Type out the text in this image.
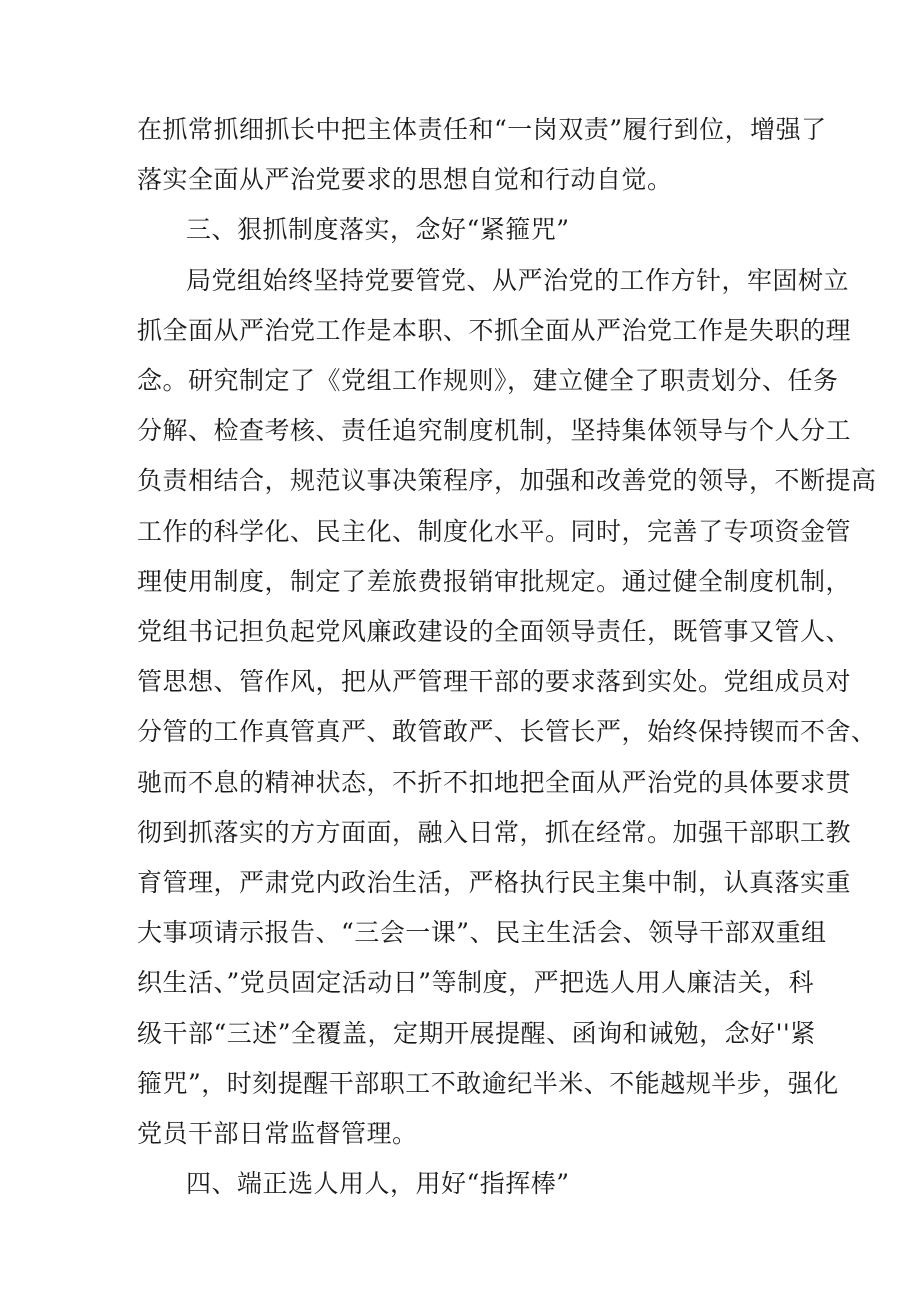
在抓常抓细抓长中把主体责任和“一岗双责”履行到位，增强了
落实全面从严治党要求的思想自觉和行动自觉。
三、狠抓制度落实，念好“紧箍咒”
局党组始终坚持党要管党、从严治党的工作方针，牢固树立
抓全面从严治党工作是本职、不抓全面从严治党工作是失职的理
念。研究制定了《党组工作规则》，建立健全了职责划分、任务
分解、检查考核、责任追究制度机制，坚持集体领导与个人分工
负责相结合，规范议事决策程序，加强和改善党的领导，不断提高
工作的科学化、民主化、制度化水平。同时，完善了专项资金管
理使用制度，制定了差旅费报销审批规定。通过健全制度机制，
党组书记担负起党风廉政建设的全面领导责任，既管事又管人、
管思想、管作风，把从严管理干部的要求落到实处。党组成员对
分管的工作真管真严、敢管敢严、长管长严，始终保持锲而不舍、
驰而不息的精神状态，不折不扣地把全面从严治党的具体要求贯
彻到抓落实的方方面面，融入日常，抓在经常。加强干部职工教
育管理，严肃党内政治生活，严格执行民主集中制，认真落实重
大事项请示报告、“三会一课”、民主生活会、领导干部双重组
织生活、”党员固定活动日”等制度，严把选人用人廉洁关，科
级干部“三述”全覆盖，定期开展提醒、函询和诫勉，念好''紧
箍咒”，时刻提醒干部职工不敢逾纪半米、不能越规半步，强化
党员干部日常监督管理。
四、端正选人用人，用好“指挥棒”
